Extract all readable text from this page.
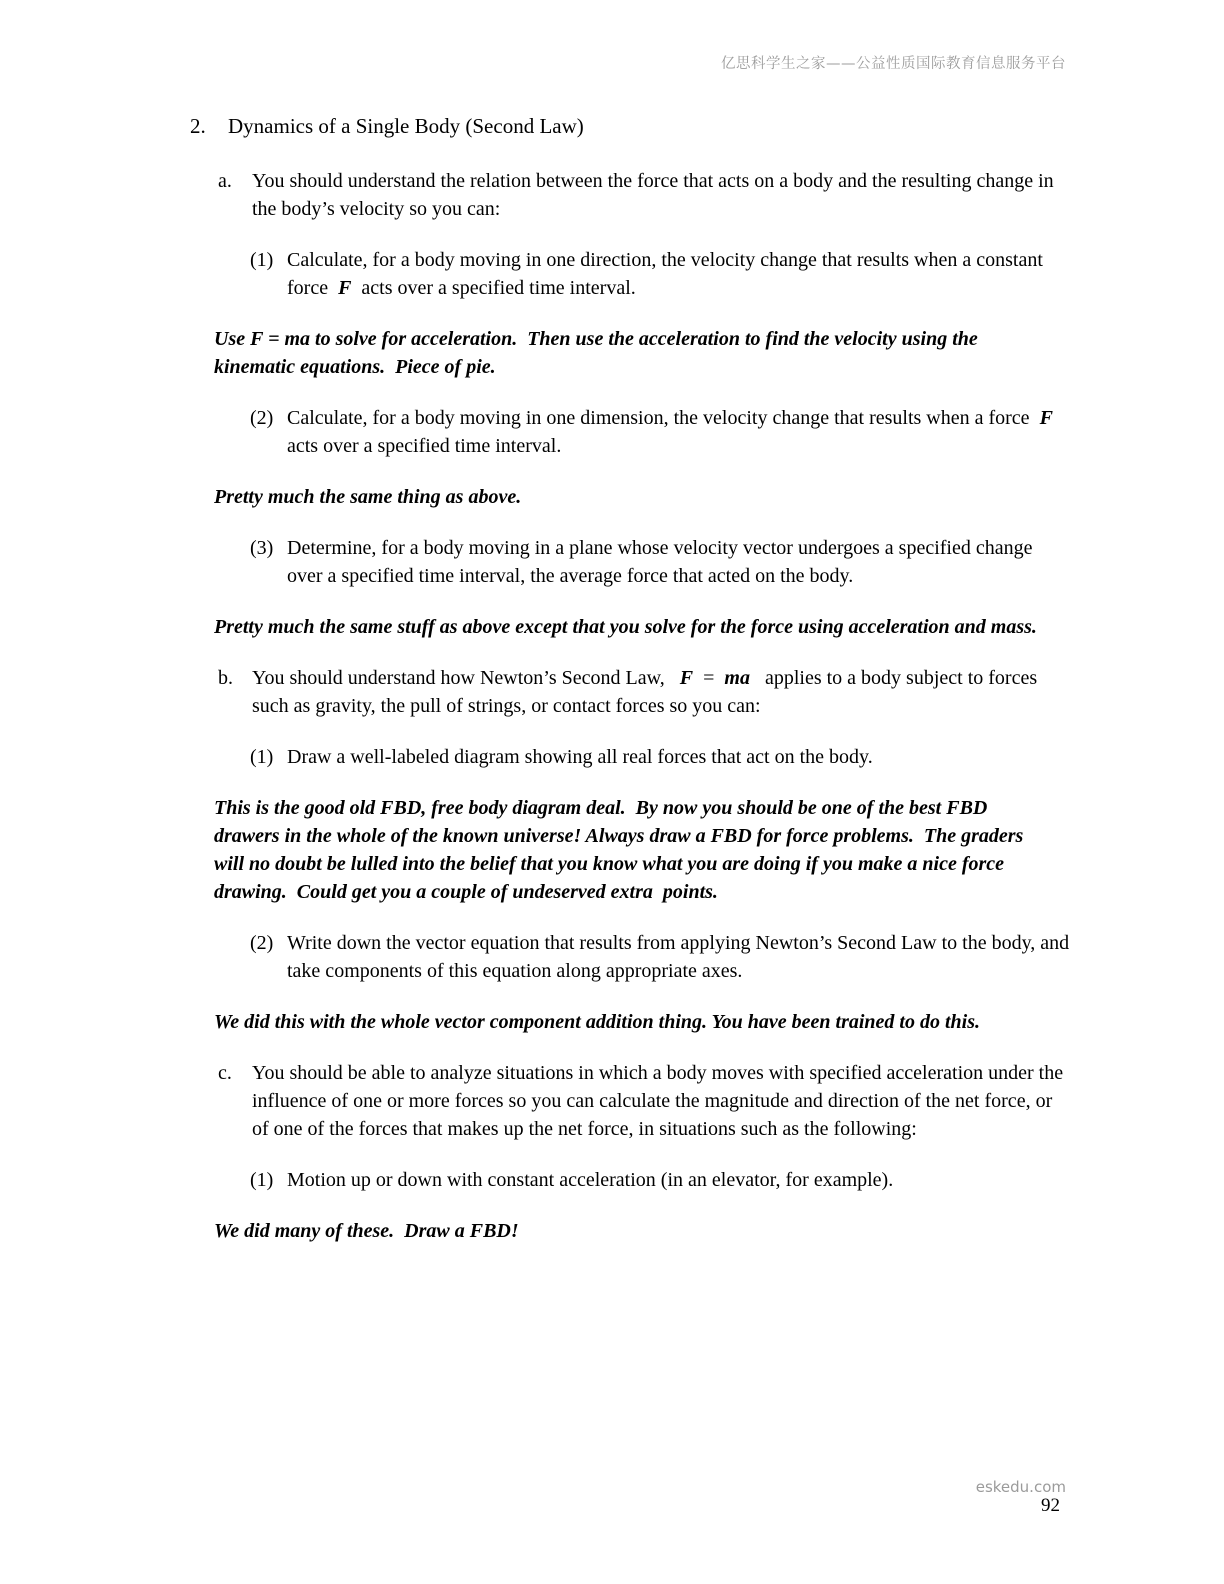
亿思科学生之家——公益性质国际教育信息服务平台
2.	Dynamics of a Single Body (Second Law)
a.	You should understand the relation between the force that acts on a body and the resulting change in the body’s velocity so you can:
(1) Calculate, for a body moving in one direction, the velocity change that results when a constant force F acts over a specified time interval.
Use F = ma to solve for acceleration.  Then use the acceleration to find the velocity using the kinematic equations.  Piece of pie.
(2) Calculate, for a body moving in one dimension, the velocity change that results when a force F acts over a specified time interval.
Pretty much the same thing as above.
(3) Determine, for a body moving in a plane whose velocity vector undergoes a specified change over a specified time interval, the average force that acted on the body.
Pretty much the same stuff as above except that you solve for the force using acceleration and mass.
b. You should understand how Newton’s Second Law,  F = ma  applies to a body subject to forces such as gravity, the pull of strings, or contact forces so you can:
(1) Draw a well-labeled diagram showing all real forces that act on the body.
This is the good old FBD, free body diagram deal.  By now you should be one of the best FBD drawers in the whole of the known universe! Always draw a FBD for force problems.  The graders will no doubt be lulled into the belief that you know what you are doing if you make a nice force drawing.  Could get you a couple of undeserved extra  points.
(2) Write down the vector equation that results from applying Newton’s Second Law to the body, and take components of this equation along appropriate axes.
We did this with the whole vector component addition thing. You have been trained to do this.
c.	You should be able to analyze situations in which a body moves with specified acceleration under the influence of one or more forces so you can calculate the magnitude and direction of the net force, or of one of the forces that makes up the net force, in situations such as the following:
(1) Motion up or down with constant acceleration (in an elevator, for example).
We did many of these.  Draw a FBD!
eskedu.com
92
